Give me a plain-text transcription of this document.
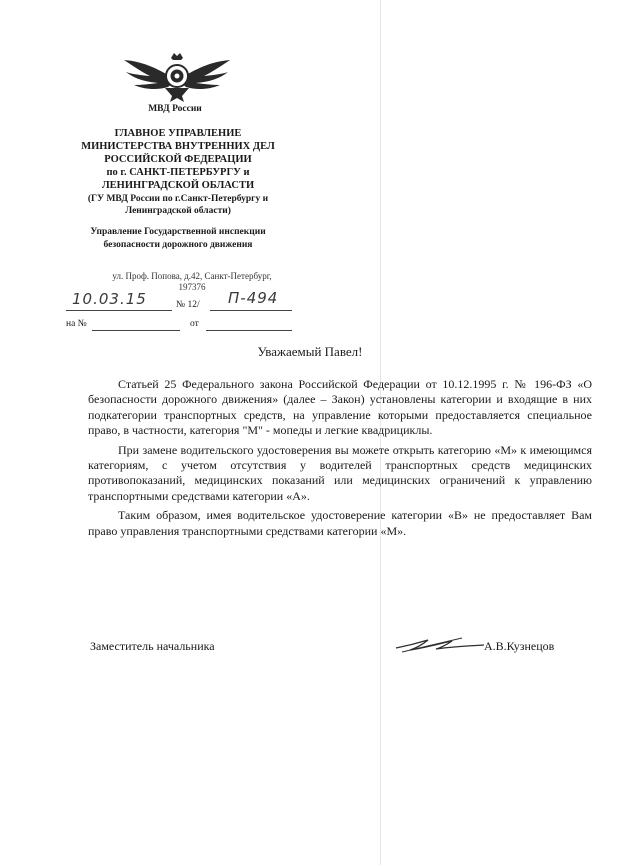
МВД России
ГЛАВНОЕ УПРАВЛЕНИЕ
МИНИСТЕРСТВА ВНУТРЕННИХ ДЕЛ
РОССИЙСКОЙ ФЕДЕРАЦИИ
по г. САНКТ-ПЕТЕРБУРГУ и
ЛЕНИНГРАДСКОЙ ОБЛАСТИ
(ГУ МВД России по г.Санкт-Петербургу и
Ленинградской области)
Управление Государственной инспекции
безопасности дорожного движения
ул. Проф. Попова, д.42, Санкт-Петербург,
197376
10.03.15	№ 12/ П-494
на №	от
Уважаемый Павел!

Статьей 25 Федерального закона Российской Федерации от 10.12.1995 г. № 196-ФЗ «О безопасности дорожного движения» (далее – Закон) установлены категории и входящие в них подкатегории транспортных средств, на управление которыми предоставляется специальное право, в частности, категория "М" - мопеды и легкие квадрициклы.

При замене водительского удостоверения вы можете открыть категорию «М» к имеющимся категориям, с учетом отсутствия у водителей транспортных средств медицинских противопоказаний, медицинских показаний или медицинских ограничений к управлению транспортными средствами категории «А».

Таким образом, имея водительское удостоверение категории «В» не предоставляет Вам право управления транспортными средствами категории «М».

Заместитель начальника	А.В.Кузнецов
